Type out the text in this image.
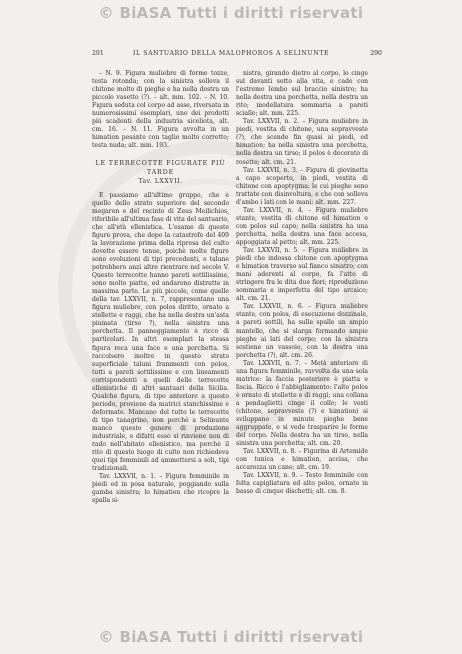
© BiASA Tutti i diritti riservati
291	IL SANTUARIO DELLA MALOPHOROS A SELINUNTE	290

– N. 9. Figura muliebre di forme tozze, testa rotonda; con la sinistra solleva il chitone molto di pieghe e ha nella destra un piccolo vasetto (?). – alt. mm. 102. – N. 10. Figura seduta col corpo ad asse, riversata in numerosissimi esemplari, uno dei prodotti più scadenti della industria siceliota, alt. cm. 16. – N. 11. Figura avvolta in un himation pesante con taglio molto corretto; testa nuda; alt. mm. 193.

LE TERRECOTTE FIGURATE PIÙ TARDE
Tav. LXXVII.

E passiamo all'ultimo gruppo, che è quello dello strato superiore del secondo megaron e del recinto di Zeus Meilichios, riferibile all'ultima fase di vita del santuario, che all'età ellenistica. L'esame di queste figure prova, che dopo la catastrofe del 409 la lavorazione prima della ripresa del culto dovette essere tenue, poichè molte figure sono evoluzioni di tipi precedenti, e talune potrebbero anzi altre rientrare nel secolo V. Questo terrecotte hanno pareti sottilissime, sono molto piatte, ed andarono distrutte in massima parte. Le più piccole, come quelle della tav. LXXVII, n. 7, rappresentano una figura muliebre, con polos diritto, ornato a stellette e raggi, che ha nella destra un'asta piumata (tirso ?), nella sinistra una porchetta. Il panneggiamento è ricco di particolari. In altri esemplari la stessa figura reca una face e una porchetta. Si raccolsero inoltre in questo strato superficiale taluni frammenti con polos, tutti a pareti sottilissime e con lineamenti corrispondenti a quelli delle terrecotte ellenistiche di altri santuari della Sicilia. Qualche figura, di tipo anteriore a questo periodo, proviene da matrici stanchissime e deformate. Mancano del tutto le terrecotte di tipo tanagrino, non perchè a Selinunte mancò questo genere di produzione industriale, e difatti esso si rinviene non di rado nell'abitato ellenistico, ma perchè il rito di questo luogo di culto non richiedeva quei tipi femminili ad ammettersi a soli, tipi tradizionali.

Tav. LXXVII, n. 1. – Figura femminile in piedi ed in posa naturale, poggiando sulla gamba sinistra; lo himation che ricopre la spalla si-

nistra, girando dietro al corpo, lo cinge sul davanti sotto alla vita, e cade con l'estremo lembo sul braccio sinistro; ha nella destra una porchetta, nella destra un rito; modellatura sommaria a pareti scialle; alt. mm. 225.

Tav. LXXVII, n. 2. – Figura muliebre in piedi, vestita di chitone, una sopravveste (?), che scende fin quasi ai piedi, ed himation; ha nella sinistra una porchetta, nella destra un tirso; il polos è decorato di rosette; alt. cm. 21.

Tav. LXXVII, n. 3. – Figura di giovinetta a capo scoperto, in piedi, vestita di chitone con apoptygma; le cui pieghe sono trattate con disinvoltura, e che con solleva d'ambo i lati con le mani; alt. mm. 227.

Tav. LXXVII, n. 4. – Figura muliebre stante, vestita di chitone ed himation e con polos sul capo; nella sinistra ha una porchetta, nella destra una face accesa, appoggiata al petto; alt. mm. 225.

Tav. LXXVII, n. 5. – Figura muliebre in piedi che indossa chitone con apoptygma e himation traverso sul fianco sinistro; con mani aderenti al corpo, fa l'atto di stringere fra le dita due fiori; riproduzione sommaria e imperfetta del tipo arcaico; alt. cm. 21.

Tav. LXXVII, n. 6. – Figura muliebre stante, con polos, di esecuzione dozzinale, a pareti sottili, ha sulle spalle un ampio mantello, che si slarga formando ampie pieghe ai lati del corpo; con la sinistra sostiene un vassoio, con la destra una porchetta (?), alt. cm. 26.

Tav. LXXVII, n. 7. – Metà anteriore di una figura femminile, ravvolta da una sola matrice: la faccia posteriore è piatta e liscia. Ricco è l'abbigliamento: l'alto polos è ornato di stellette e di raggi; una collana a pendaglietti cinge il collo; le vesti (chitone, sopravveste (?) e himation) si sviluppano in minute pieghe bene aggruppate, e si vede trasparire le forme del corpo. Nella destra ha un tirso, nella sinistra una porchetta; alt. cm. 20.

Tav. LXXVII, n. 8. – Figurina di Artemide con tunica e himation, accisa, che accarezza un cane; alt. cm. 19.

Tav. LXXVII, n. 9. – Testo femminile con folta capigliatura ed alto polos, ornato in basso di cinque dischetti; alt. cm. 8.

© BiASA Tutti i diritti riservati
